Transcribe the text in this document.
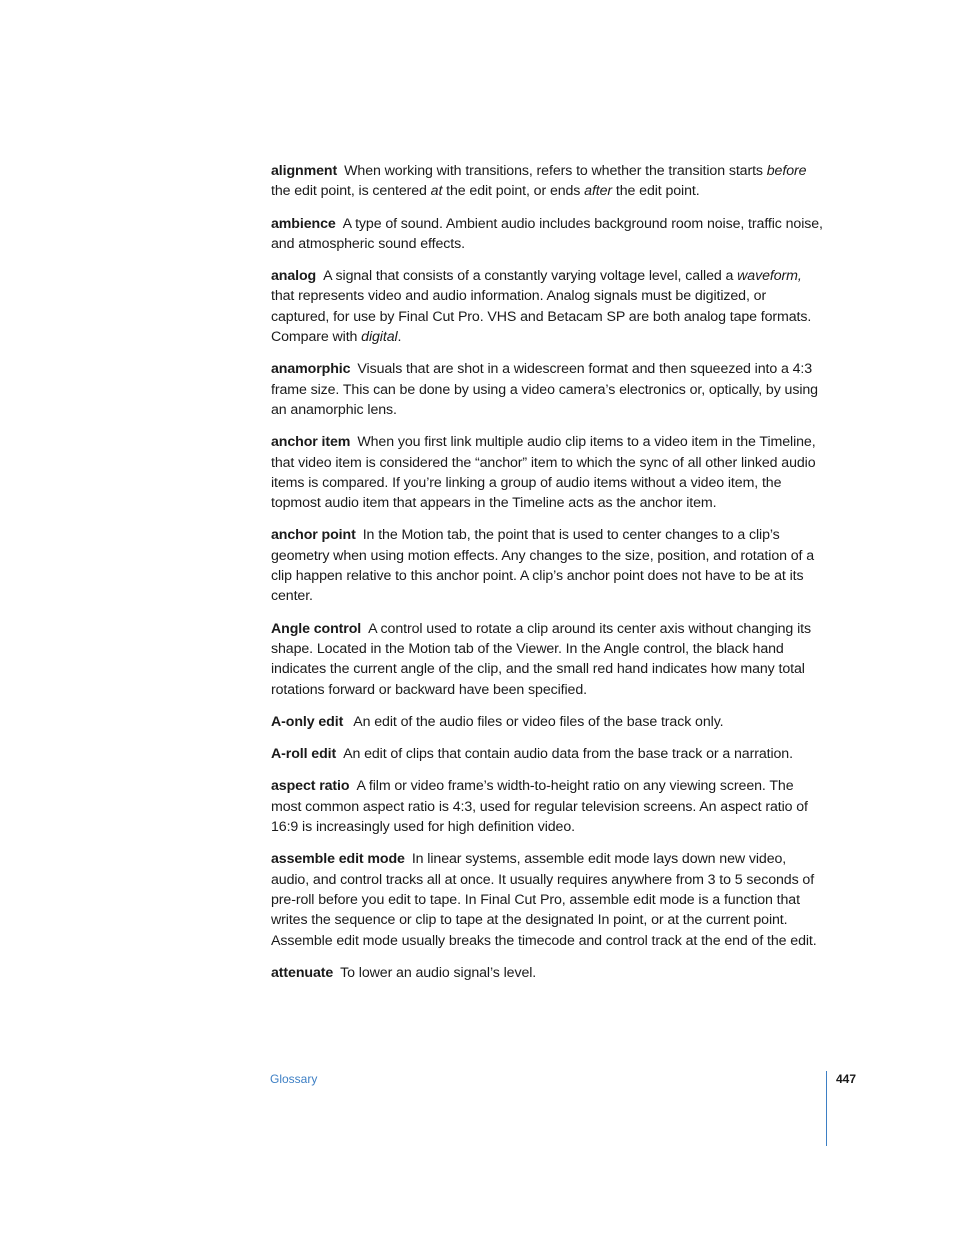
alignment When working with transitions, refers to whether the transition starts before the edit point, is centered at the edit point, or ends after the edit point.

ambience A type of sound. Ambient audio includes background room noise, traffic noise, and atmospheric sound effects.

analog A signal that consists of a constantly varying voltage level, called a waveform, that represents video and audio information. Analog signals must be digitized, or captured, for use by Final Cut Pro. VHS and Betacam SP are both analog tape formats. Compare with digital.

anamorphic Visuals that are shot in a widescreen format and then squeezed into a 4:3 frame size. This can be done by using a video camera’s electronics or, optically, by using an anamorphic lens.

anchor item When you first link multiple audio clip items to a video item in the Timeline, that video item is considered the “anchor” item to which the sync of all other linked audio items is compared. If you’re linking a group of audio items without a video item, the topmost audio item that appears in the Timeline acts as the anchor item.

anchor point In the Motion tab, the point that is used to center changes to a clip’s geometry when using motion effects. Any changes to the size, position, and rotation of a clip happen relative to this anchor point. A clip’s anchor point does not have to be at its center.

Angle control A control used to rotate a clip around its center axis without changing its shape. Located in the Motion tab of the Viewer. In the Angle control, the black hand indicates the current angle of the clip, and the small red hand indicates how many total rotations forward or backward have been specified.

A-only edit An edit of the audio files or video files of the base track only.

A-roll edit An edit of clips that contain audio data from the base track or a narration.

aspect ratio A film or video frame’s width-to-height ratio on any viewing screen. The most common aspect ratio is 4:3, used for regular television screens. An aspect ratio of 16:9 is increasingly used for high definition video.

assemble edit mode In linear systems, assemble edit mode lays down new video, audio, and control tracks all at once. It usually requires anywhere from 3 to 5 seconds of pre-roll before you edit to tape. In Final Cut Pro, assemble edit mode is a function that writes the sequence or clip to tape at the designated In point, or at the current point. Assemble edit mode usually breaks the timecode and control track at the end of the edit.

attenuate To lower an audio signal’s level.

Glossary	447
